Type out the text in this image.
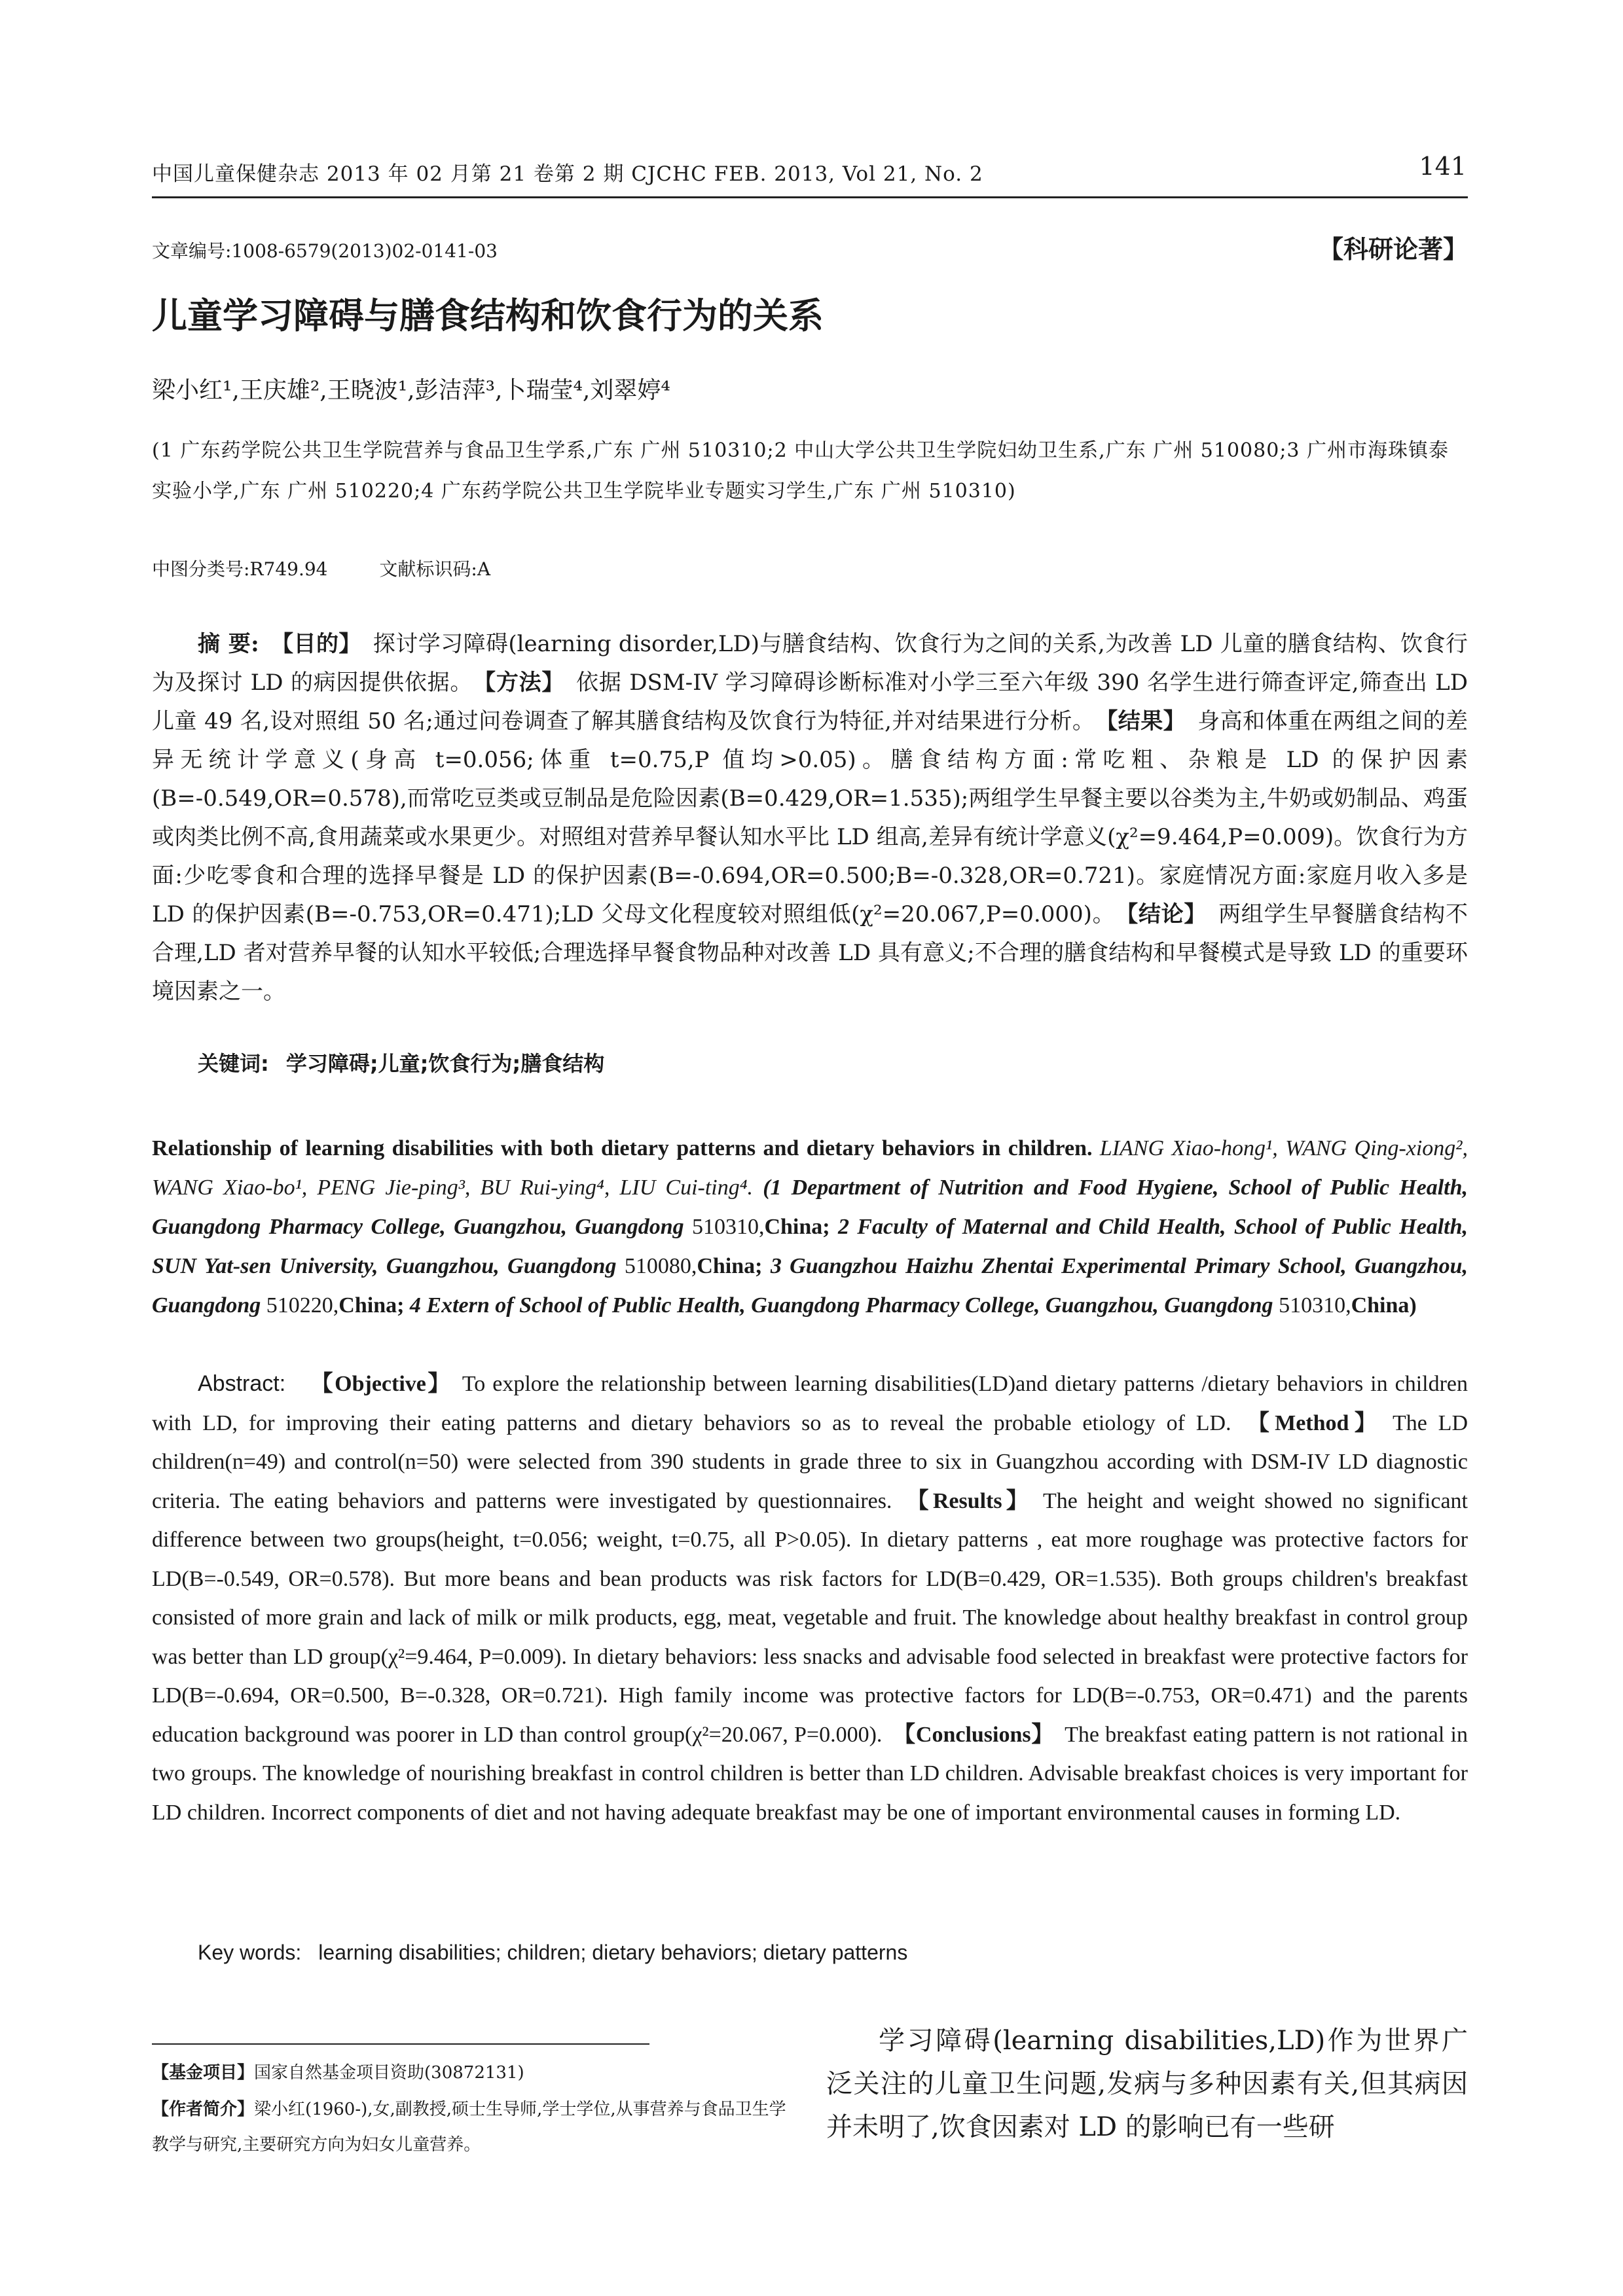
中国儿童保健杂志 2013 年 02 月第 21 卷第 2 期 CJCHC FEB. 2013, Vol 21, No. 2	141
文章编号:1008-6579(2013)02-0141-03	【科研论著】
儿童学习障碍与膳食结构和饮食行为的关系
梁小红¹,王庆雄²,王晓波¹,彭洁萍³,卜瑞莹⁴,刘翠婷⁴
(1 广东药学院公共卫生学院营养与食品卫生学系,广东 广州 510310;2 中山大学公共卫生学院妇幼卫生系,广东 广州 510080;3 广州市海珠镇泰实验小学,广东 广州 510220;4 广东药学院公共卫生学院毕业专题实习学生,广东 广州 510310)
中图分类号:R749.94	文献标识码:A
摘 要: 【目的】 探讨学习障碍(learning disorder,LD)与膳食结构、饮食行为之间的关系,为改善 LD 儿童的膳食结构、饮食行为及探讨 LD 的病因提供依据。 【方法】 依据 DSM-IV 学习障碍诊断标准对小学三至六年级 390 名学生进行筛查评定,筛查出 LD 儿童 49 名,设对照组 50 名;通过问卷调查了解其膳食结构及饮食行为特征,并对结果进行分析。 【结果】 身高和体重在两组之间的差异无统计学意义(身高 t=0.056;体重 t=0.75,P 值均>0.05)。膳食结构方面:常吃粗、杂粮是 LD 的保护因素(B=-0.549,OR=0.578),而常吃豆类或豆制品是危险因素(B=0.429,OR=1.535);两组学生早餐主要以谷类为主,牛奶或奶制品、鸡蛋或肉类比例不高,食用蔬菜或水果更少。对照组对营养早餐认知水平比 LD 组高,差异有统计学意义(χ²=9.464,P=0.009)。饮食行为方面:少吃零食和合理的选择早餐是 LD 的保护因素(B=-0.694,OR=0.500;B=-0.328,OR=0.721)。家庭情况方面:家庭月收入多是 LD 的保护因素(B=-0.753,OR=0.471);LD 父母文化程度较对照组低(χ²=20.067,P=0.000)。 【结论】 两组学生早餐膳食结构不合理,LD 者对营养早餐的认知水平较低;合理选择早餐食物品种对改善 LD 具有意义;不合理的膳食结构和早餐模式是导致 LD 的重要环境因素之一。
关键词: 学习障碍;儿童;饮食行为;膳食结构
Relationship of learning disabilities with both dietary patterns and dietary behaviors in children. LIANG Xiao-hong¹, WANG Qing-xiong², WANG Xiao-bo¹, PENG Jie-ping³, BU Rui-ying⁴, LIU Cui-ting⁴. (1 Department of Nutrition and Food Hygiene, School of Public Health, Guangdong Pharmacy College, Guangzhou, Guangdong 510310,China; 2 Faculty of Maternal and Child Health, School of Public Health, SUN Yat-sen University, Guangzhou, Guangdong 510080,China; 3 Guangzhou Haizhu Zhentai Experimental Primary School, Guangzhou, Guangdong 510220,China; 4 Extern of School of Public Health, Guangdong Pharmacy College, Guangzhou, Guangdong 510310,China)
Abstract: 【Objective】 To explore the relationship between learning disabilities(LD)and dietary patterns /dietary behaviors in children with LD, for improving their eating patterns and dietary behaviors so as to reveal the probable etiology of LD. 【Method】 The LD children(n=49) and control(n=50) were selected from 390 students in grade three to six in Guangzhou according with DSM-IV LD diagnostic criteria. The eating behaviors and patterns were investigated by questionnaires. 【Results】 The height and weight showed no significant difference between two groups(height, t=0.056; weight, t=0.75, all P>0.05). In dietary patterns , eat more roughage was protective factors for LD(B=-0.549, OR=0.578). But more beans and bean products was risk factors for LD(B=0.429, OR=1.535). Both groups children's breakfast consisted of more grain and lack of milk or milk products, egg, meat, vegetable and fruit. The knowledge about healthy breakfast in control group was better than LD group(χ²=9.464, P=0.009). In dietary behaviors: less snacks and advisable food selected in breakfast were protective factors for LD(B=-0.694, OR=0.500, B=-0.328, OR=0.721). High family income was protective factors for LD(B=-0.753, OR=0.471) and the parents education background was poorer in LD than control group(χ²=20.067, P=0.000). 【Conclusions】 The breakfast eating pattern is not rational in two groups. The knowledge of nourishing breakfast in control children is better than LD children. Advisable breakfast choices is very important for LD children. Incorrect components of diet and not having adequate breakfast may be one of important environmental causes in forming LD.
Key words: learning disabilities; children; dietary behaviors; dietary patterns
【基金项目】国家自然基金项目资助(30872131)
【作者简介】梁小红(1960-),女,副教授,硕士生导师,学士学位,从事营养与食品卫生学教学与研究,主要研究方向为妇女儿童营养。

学习障碍(learning disabilities,LD)作为世界广泛关注的儿童卫生问题,发病与多种因素有关,但其病因并未明了,饮食因素对 LD 的影响已有一些研
